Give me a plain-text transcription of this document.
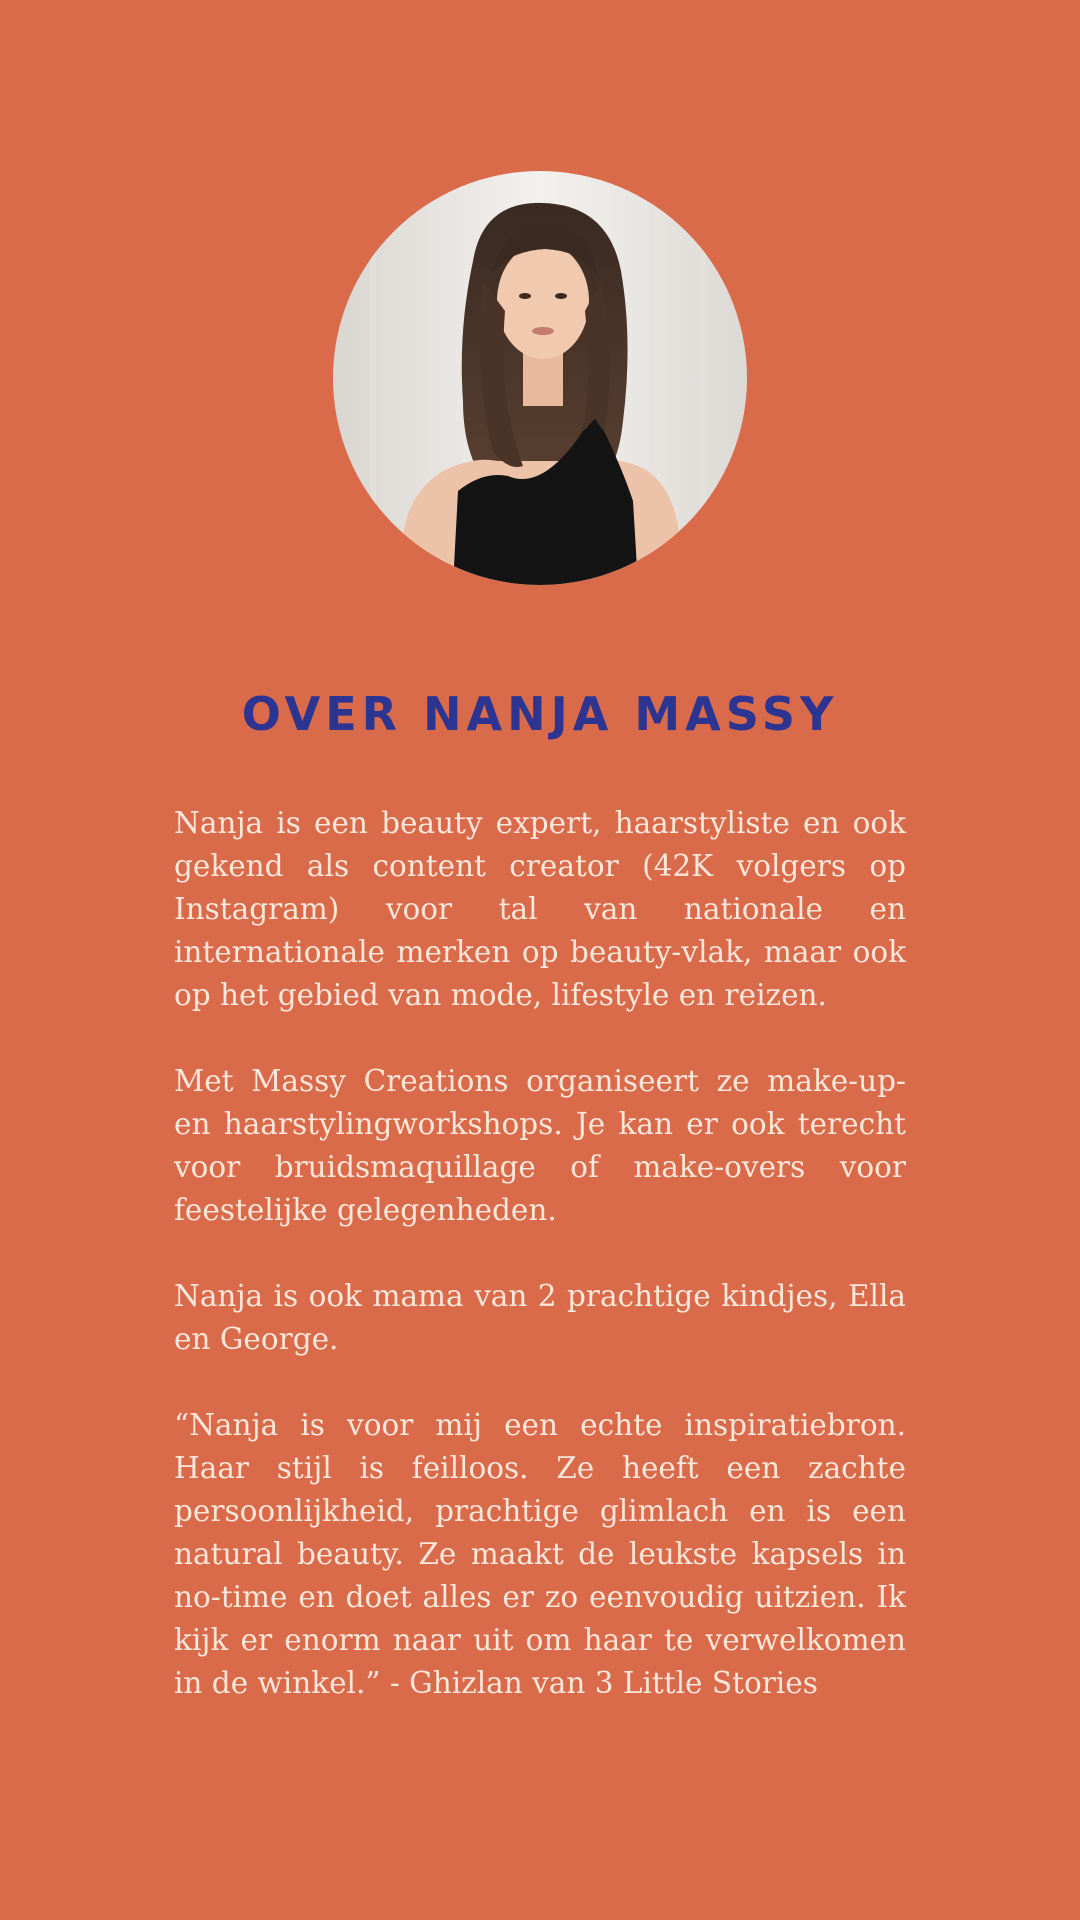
OVER NANJA MASSY

Nanja is een beauty expert, haarstyliste en ook gekend als content creator (42K volgers op Instagram) voor tal van nationale en internationale merken op beauty-vlak, maar ook op het gebied van mode, lifestyle en reizen.

Met Massy Creations organiseert ze make-up- en haarstylingworkshops. Je kan er ook terecht voor bruidsmaquillage of make-overs voor feestelijke gelegenheden.

Nanja is ook mama van 2 prachtige kindjes, Ella en George.

“Nanja is voor mij een echte inspiratiebron. Haar stijl is feilloos. Ze heeft een zachte persoonlijkheid, prachtige glimlach en is een natural beauty. Ze maakt de leukste kapsels in no-time en doet alles er zo eenvoudig uitzien. Ik kijk er enorm naar uit om haar te verwelkomen in de winkel.” - Ghizlan van 3 Little Stories
